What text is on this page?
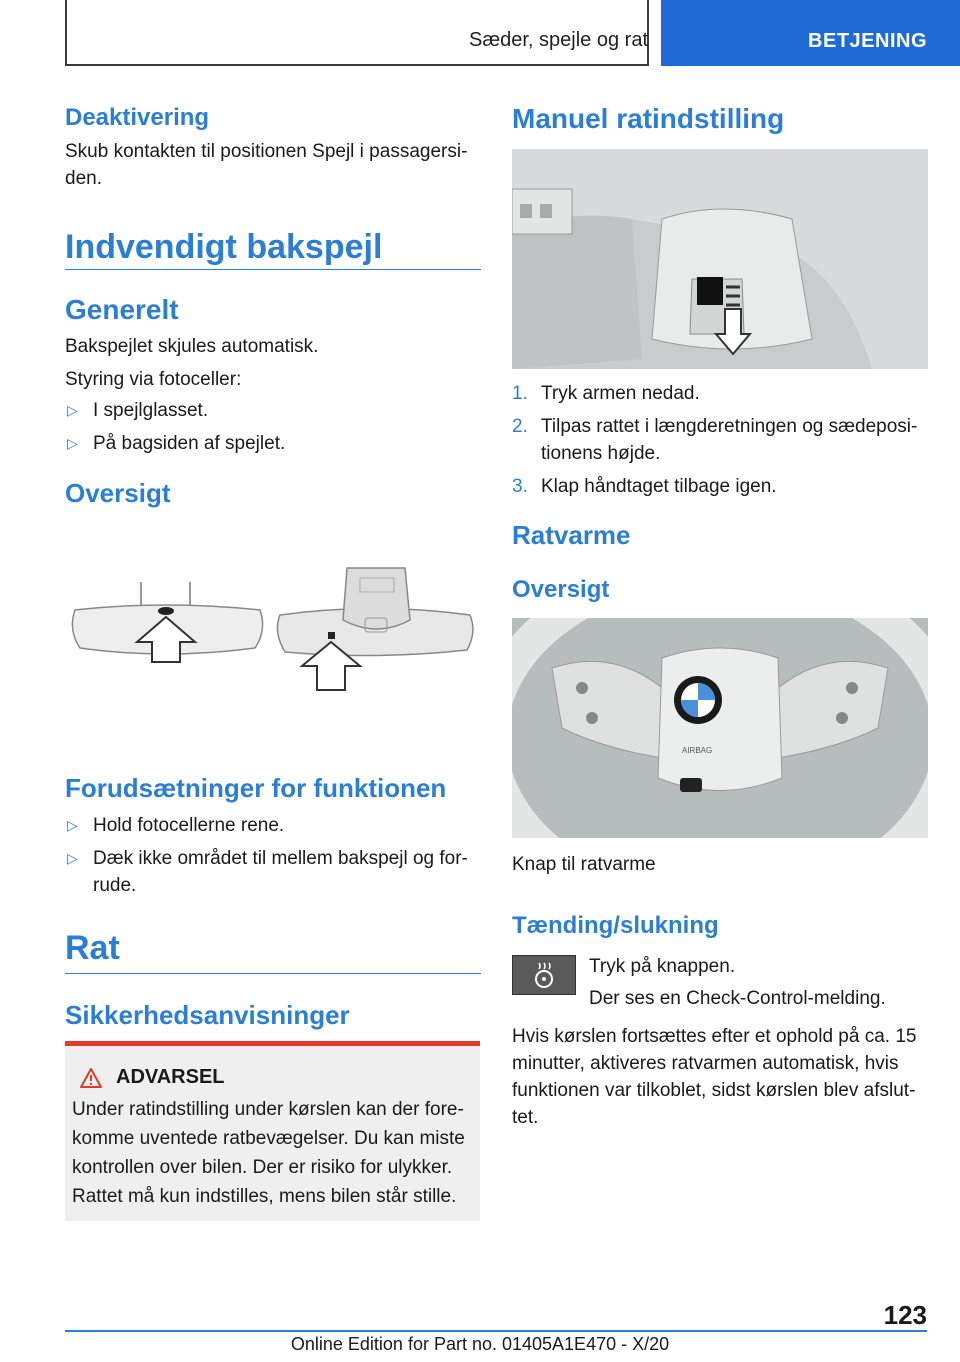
Sæder, spejle og rat	BETJENING
Deaktivering

Skub kontakten til positionen Spejl i passagersi-den.

Indvendigt bakspejl
Generelt

Bakspejlet skjules automatisk.

Styring via fotoceller:

▷ I spejlglasset.
▷ På bagsiden af spejlet.
Oversigt
Forudsætninger for funktionen
▷ Hold fotocellerne rene.
▷ Dæk ikke området til mellem bakspejl og for-rude.
Rat
Sikkerhedsanvisninger
ADVARSEL

Under ratindstilling under kørslen kan der fore-komme uventede ratbevægelser. Du kan miste kontrollen over bilen. Der er risiko for ulykker. Rattet må kun indstilles, mens bilen står stille.

Manuel ratindstilling
1. Tryk armen nedad.
2. Tilpas rattet i længderetningen og sædeposi-tionens højde.
3. Klap håndtaget tilbage igen.
Ratvarme
Oversigt
AIRBAG

Knap til ratvarme

Tænding/slukning

Tryk på knappen.

Der ses en Check-Control-melding.

Hvis kørslen fortsættes efter et ophold på ca. 15 minutter, aktiveres ratvarmen automatisk, hvis funktionen var tilkoblet, sidst kørslen blev afslut-tet.

123
Online Edition for Part no. 01405A1E470 - X/20
